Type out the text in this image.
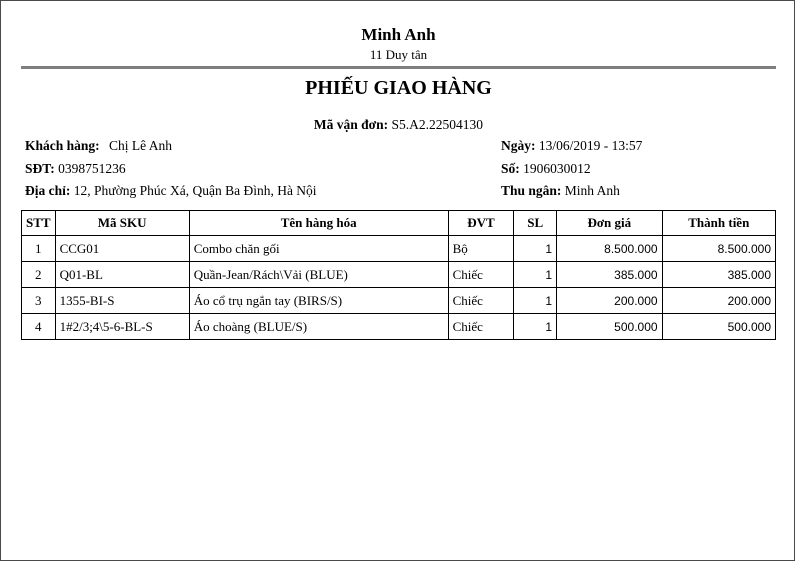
Minh Anh
11 Duy tân
PHIẾU GIAO HÀNG
Mã vận đơn: S5.A2.22504130
Khách hàng: Chị Lê Anh
SĐT: 0398751236
Địa chỉ: 12, Phường Phúc Xá, Quận Ba Đình, Hà Nội
Ngày: 13/06/2019 - 13:57
Số: 1906030012
Thu ngân: Minh Anh
STT	Mã SKU	Tên hàng hóa	ĐVT	SL	Đơn giá	Thành tiền
1	CCG01	Combo chăn gối	Bộ	1	8.500.000	8.500.000
2	Q01-BL	Quần-Jean/Rách\Vải (BLUE)	Chiếc	1	385.000	385.000
3	1355-BI-S	Áo cổ trụ ngắn tay (BIRS/S)	Chiếc	1	200.000	200.000
4	1#2/3;4\5-6-BL-S	Áo choàng (BLUE/S)	Chiếc	1	500.000	500.000
